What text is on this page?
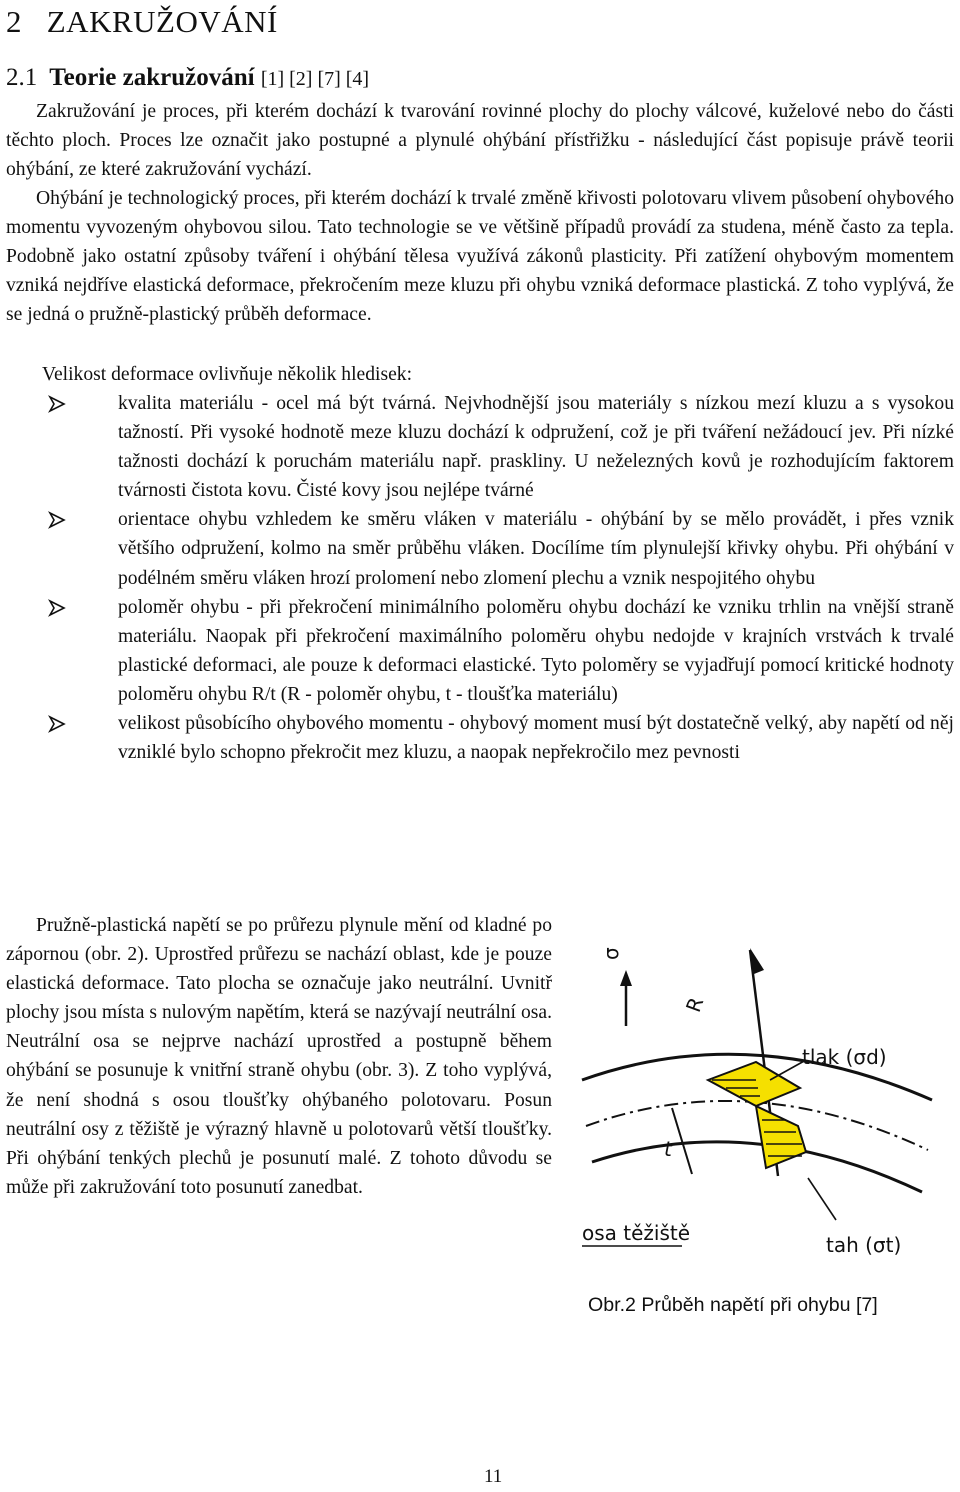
2 ZAKRUŽOVÁNÍ
2.1 Teorie zakružování [1] [2] [7] [4]

Zakružování je proces, při kterém dochází k tvarování rovinné plochy do plochy válcové, kuželové nebo do části těchto ploch. Proces lze označit jako postupné a plynulé ohýbání přístřižku - následující část popisuje právě teorii ohýbání, ze které zakružování vychází.

Ohýbání je technologický proces, při kterém dochází k trvalé změně křivosti polotovaru vlivem působení ohybového momentu vyvozeným ohybovou silou. Tato technologie se ve většině případů provádí za studena, méně často za tepla. Podobně jako ostatní způsoby tváření i ohýbání tělesa využívá zákonů plasticity. Při zatížení ohybovým momentem vzniká nejdříve elastická deformace, překročením meze kluzu při ohybu vzniká deformace plastická. Z toho vyplývá, že se jedná o pružně-plastický průběh deformace.

Velikost deformace ovlivňuje několik hledisek:

kvalita materiálu - ocel má být tvárná. Nejvhodnější jsou materiály s nízkou mezí kluzu a s vysokou tažností. Při vysoké hodnotě meze kluzu dochází k odpružení, což je při tváření nežádoucí jev. Při nízké tažnosti dochází k poruchám materiálu např. praskliny. U neželezných kovů je rozhodujícím faktorem tvárnosti čistota kovu. Čisté kovy jsou nejlépe tvárné
orientace ohybu vzhledem ke směru vláken v materiálu - ohýbání by se mělo provádět, i přes vznik většího odpružení, kolmo na směr průběhu vláken. Docílíme tím plynulejší křivky ohybu. Při ohýbání v podélném směru vláken hrozí prolomení nebo zlomení plechu a vznik nespojitého ohybu
poloměr ohybu - při překročení minimálního poloměru ohybu dochází ke vzniku trhlin na vnější straně materiálu. Naopak při překročení maximálního poloměru ohybu nedojde v krajních vrstvách k trvalé plastické deformaci, ale pouze k deformaci elastické. Tyto poloměry se vyjadřují pomocí kritické hodnoty poloměru ohybu R/t (R - poloměr ohybu, t - tloušťka materiálu)
velikost působícího ohybového momentu - ohybový moment musí být dostatečně velký, aby napětí od něj vzniklé bylo schopno překročit mez kluzu, a naopak nepřekročilo mez pevnosti

Pružně-plastická napětí se po průřezu plynule mění od kladné po zápornou (obr. 2). Uprostřed průřezu se nachází oblast, kde je pouze elastická deformace. Tato plocha se označuje jako neutrální. Uvnitř plochy jsou místa s nulovým napětím, která se nazývají neutrální osa. Neutrální osa se nejprve nachází uprostřed a postupně během ohýbání se posunuje k vnitřní straně ohybu (obr. 3). Z toho vyplývá, že není shodná s osou tloušťky ohýbaného polotovaru. Posun neutrální osy z těžiště je výrazný hlavně u polotovarů větší tloušťky. Při ohýbání tenkých plechů je posunutí malé. Z tohoto důvodu se může při zakružování toto posunutí zanedbat.

σ
R
tlak (σd)
t
osa těžiště	tah (σt)
Obr.2 Průběh napětí při ohybu [7]
11
